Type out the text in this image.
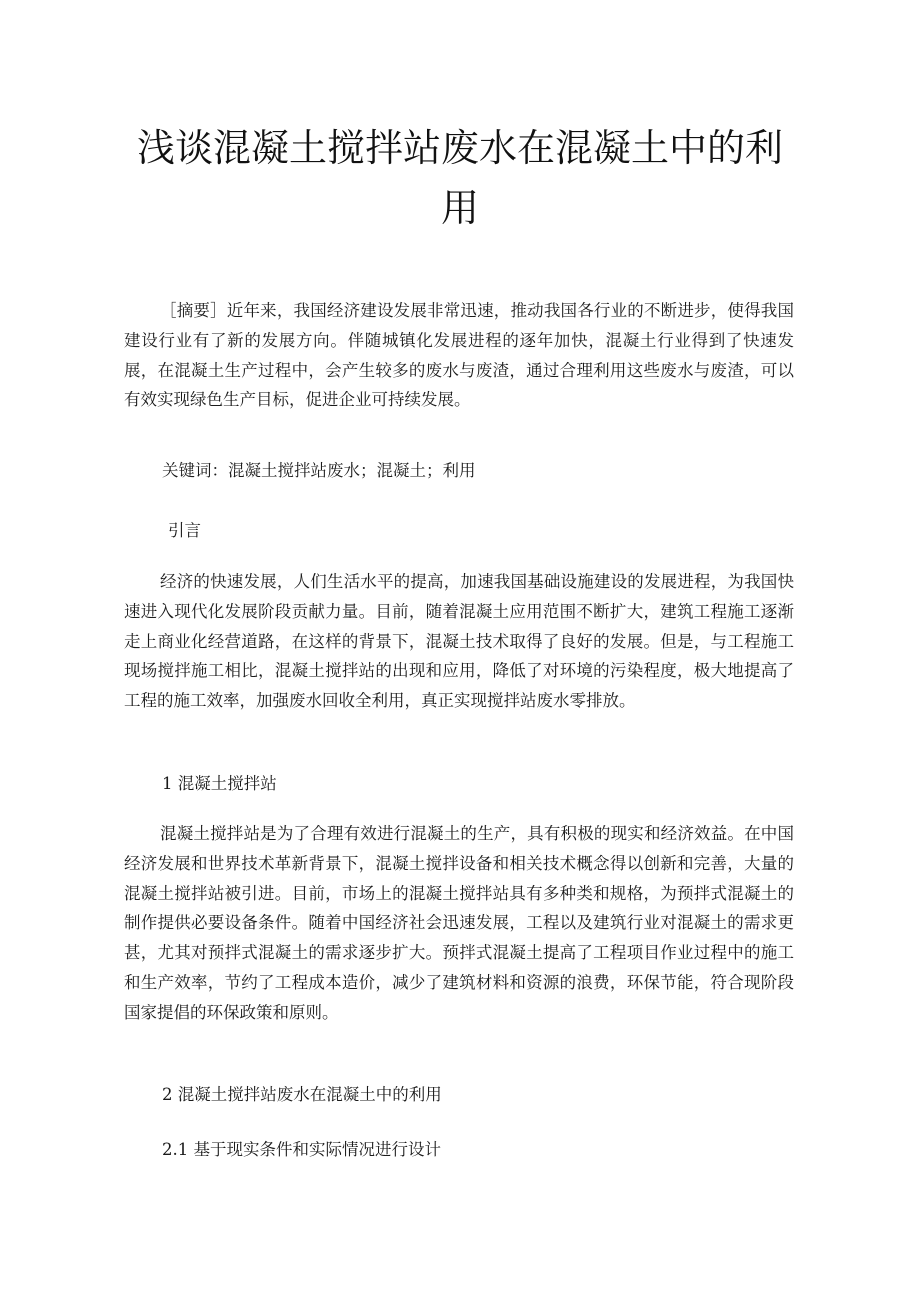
浅谈混凝土搅拌站废水在混凝土中的利
用

［摘要］近年来，我国经济建设发展非常迅速，推动我国各行业的不断进步，使得我国建设行业有了新的发展方向。伴随城镇化发展进程的逐年加快，混凝土行业得到了快速发展，在混凝土生产过程中，会产生较多的废水与废渣，通过合理利用这些废水与废渣，可以有效实现绿色生产目标，促进企业可持续发展。

关键词：混凝土搅拌站废水；混凝土；利用

引言

经济的快速发展，人们生活水平的提高，加速我国基础设施建设的发展进程，为我国快速进入现代化发展阶段贡献力量。目前，随着混凝土应用范围不断扩大，建筑工程施工逐渐走上商业化经营道路，在这样的背景下，混凝土技术取得了良好的发展。但是，与工程施工现场搅拌施工相比，混凝土搅拌站的出现和应用，降低了对环境的污染程度，极大地提高了工程的施工效率，加强废水回收全利用，真正实现搅拌站废水零排放。

1 混凝土搅拌站

混凝土搅拌站是为了合理有效进行混凝土的生产，具有积极的现实和经济效益。在中国经济发展和世界技术革新背景下，混凝土搅拌设备和相关技术概念得以创新和完善，大量的混凝土搅拌站被引进。目前，市场上的混凝土搅拌站具有多种类和规格，为预拌式混凝土的制作提供必要设备条件。随着中国经济社会迅速发展，工程以及建筑行业对混凝土的需求更甚，尤其对预拌式混凝土的需求逐步扩大。预拌式混凝土提高了工程项目作业过程中的施工和生产效率，节约了工程成本造价，减少了建筑材料和资源的浪费，环保节能，符合现阶段国家提倡的环保政策和原则。

2 混凝土搅拌站废水在混凝土中的利用

2.1 基于现实条件和实际情况进行设计
